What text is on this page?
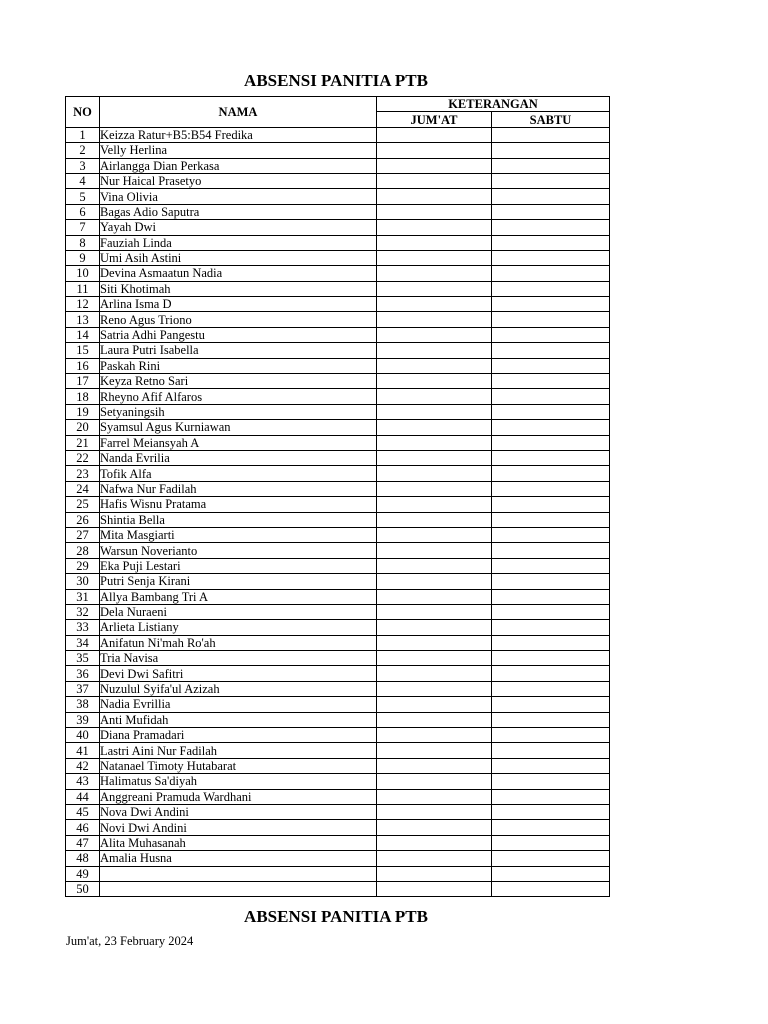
ABSENSI PANITIA PTB
NO	NAMA	KETERANGAN	
		JUM'AT	SABTU
1	Keizza Ratur+B5:B54 Fredika		
2	Velly Herlina		
3	Airlangga Dian Perkasa		
4	Nur Haical Prasetyo		
5	Vina Olivia		
6	Bagas Adio Saputra		
7	Yayah Dwi		
8	Fauziah Linda		
9	Umi Asih Astini		
10	Devina Asmaatun Nadia		
11	Siti Khotimah		
12	Arlina Isma D		
13	Reno Agus Triono		
14	Satria Adhi Pangestu		
15	Laura Putri Isabella		
16	Paskah Rini		
17	Keyza Retno Sari		
18	Rheyno Afif Alfaros		
19	Setyaningsih		
20	Syamsul Agus Kurniawan		
21	Farrel Meiansyah A		
22	Nanda Evrilia		
23	Tofik Alfa		
24	Nafwa Nur Fadilah		
25	Hafis Wisnu Pratama		
26	Shintia Bella		
27	Mita Masgiarti		
28	Warsun Noverianto		
29	Eka Puji Lestari		
30	Putri Senja Kirani		
31	Allya Bambang Tri A		
32	Dela Nuraeni		
33	Arlieta Listiany		
34	Anifatun Ni'mah Ro'ah		
35	Tria Navisa		
36	Devi Dwi Safitri		
37	Nuzulul Syifa'ul Azizah		
38	Nadia Evrillia		
39	Anti Mufidah		
40	Diana Pramadari		
41	Lastri Aini Nur Fadilah		
42	Natanael Timoty Hutabarat		
43	Halimatus Sa'diyah		
44	Anggreani Pramuda Wardhani		
45	Nova Dwi Andini		
46	Novi Dwi Andini		
47	Alita Muhasanah		
48	Amalia Husna		
49			
50			
ABSENSI PANITIA PTB
Jum'at, 23 February 2024
